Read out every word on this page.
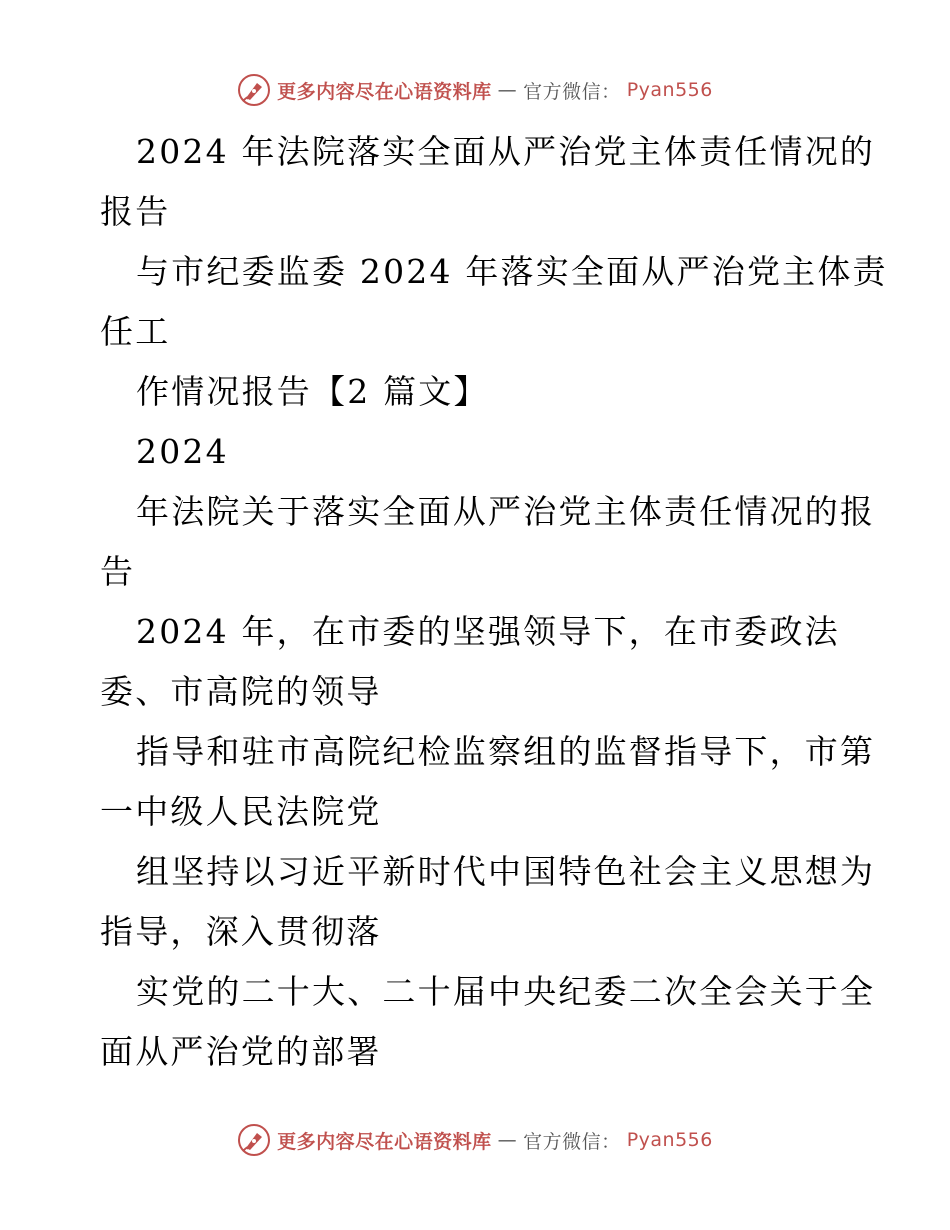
更多内容尽在心语资料库 — 官方微信： Pyan556
2024 年法院落实全面从严治党主体责任情况的
报告
与市纪委监委 2024 年落实全面从严治党主体责
任工
作情况报告【2 篇文】
2024
年法院关于落实全面从严治党主体责任情况的报
告
2024 年，在市委的坚强领导下，在市委政法
委、市高院的领导
指导和驻市高院纪检监察组的监督指导下，市第
一中级人民法院党
组坚持以习近平新时代中国特色社会主义思想为
指导，深入贯彻落
实党的二十大、二十届中央纪委二次全会关于全
面从严治党的部署
更多内容尽在心语资料库 — 官方微信： Pyan556
